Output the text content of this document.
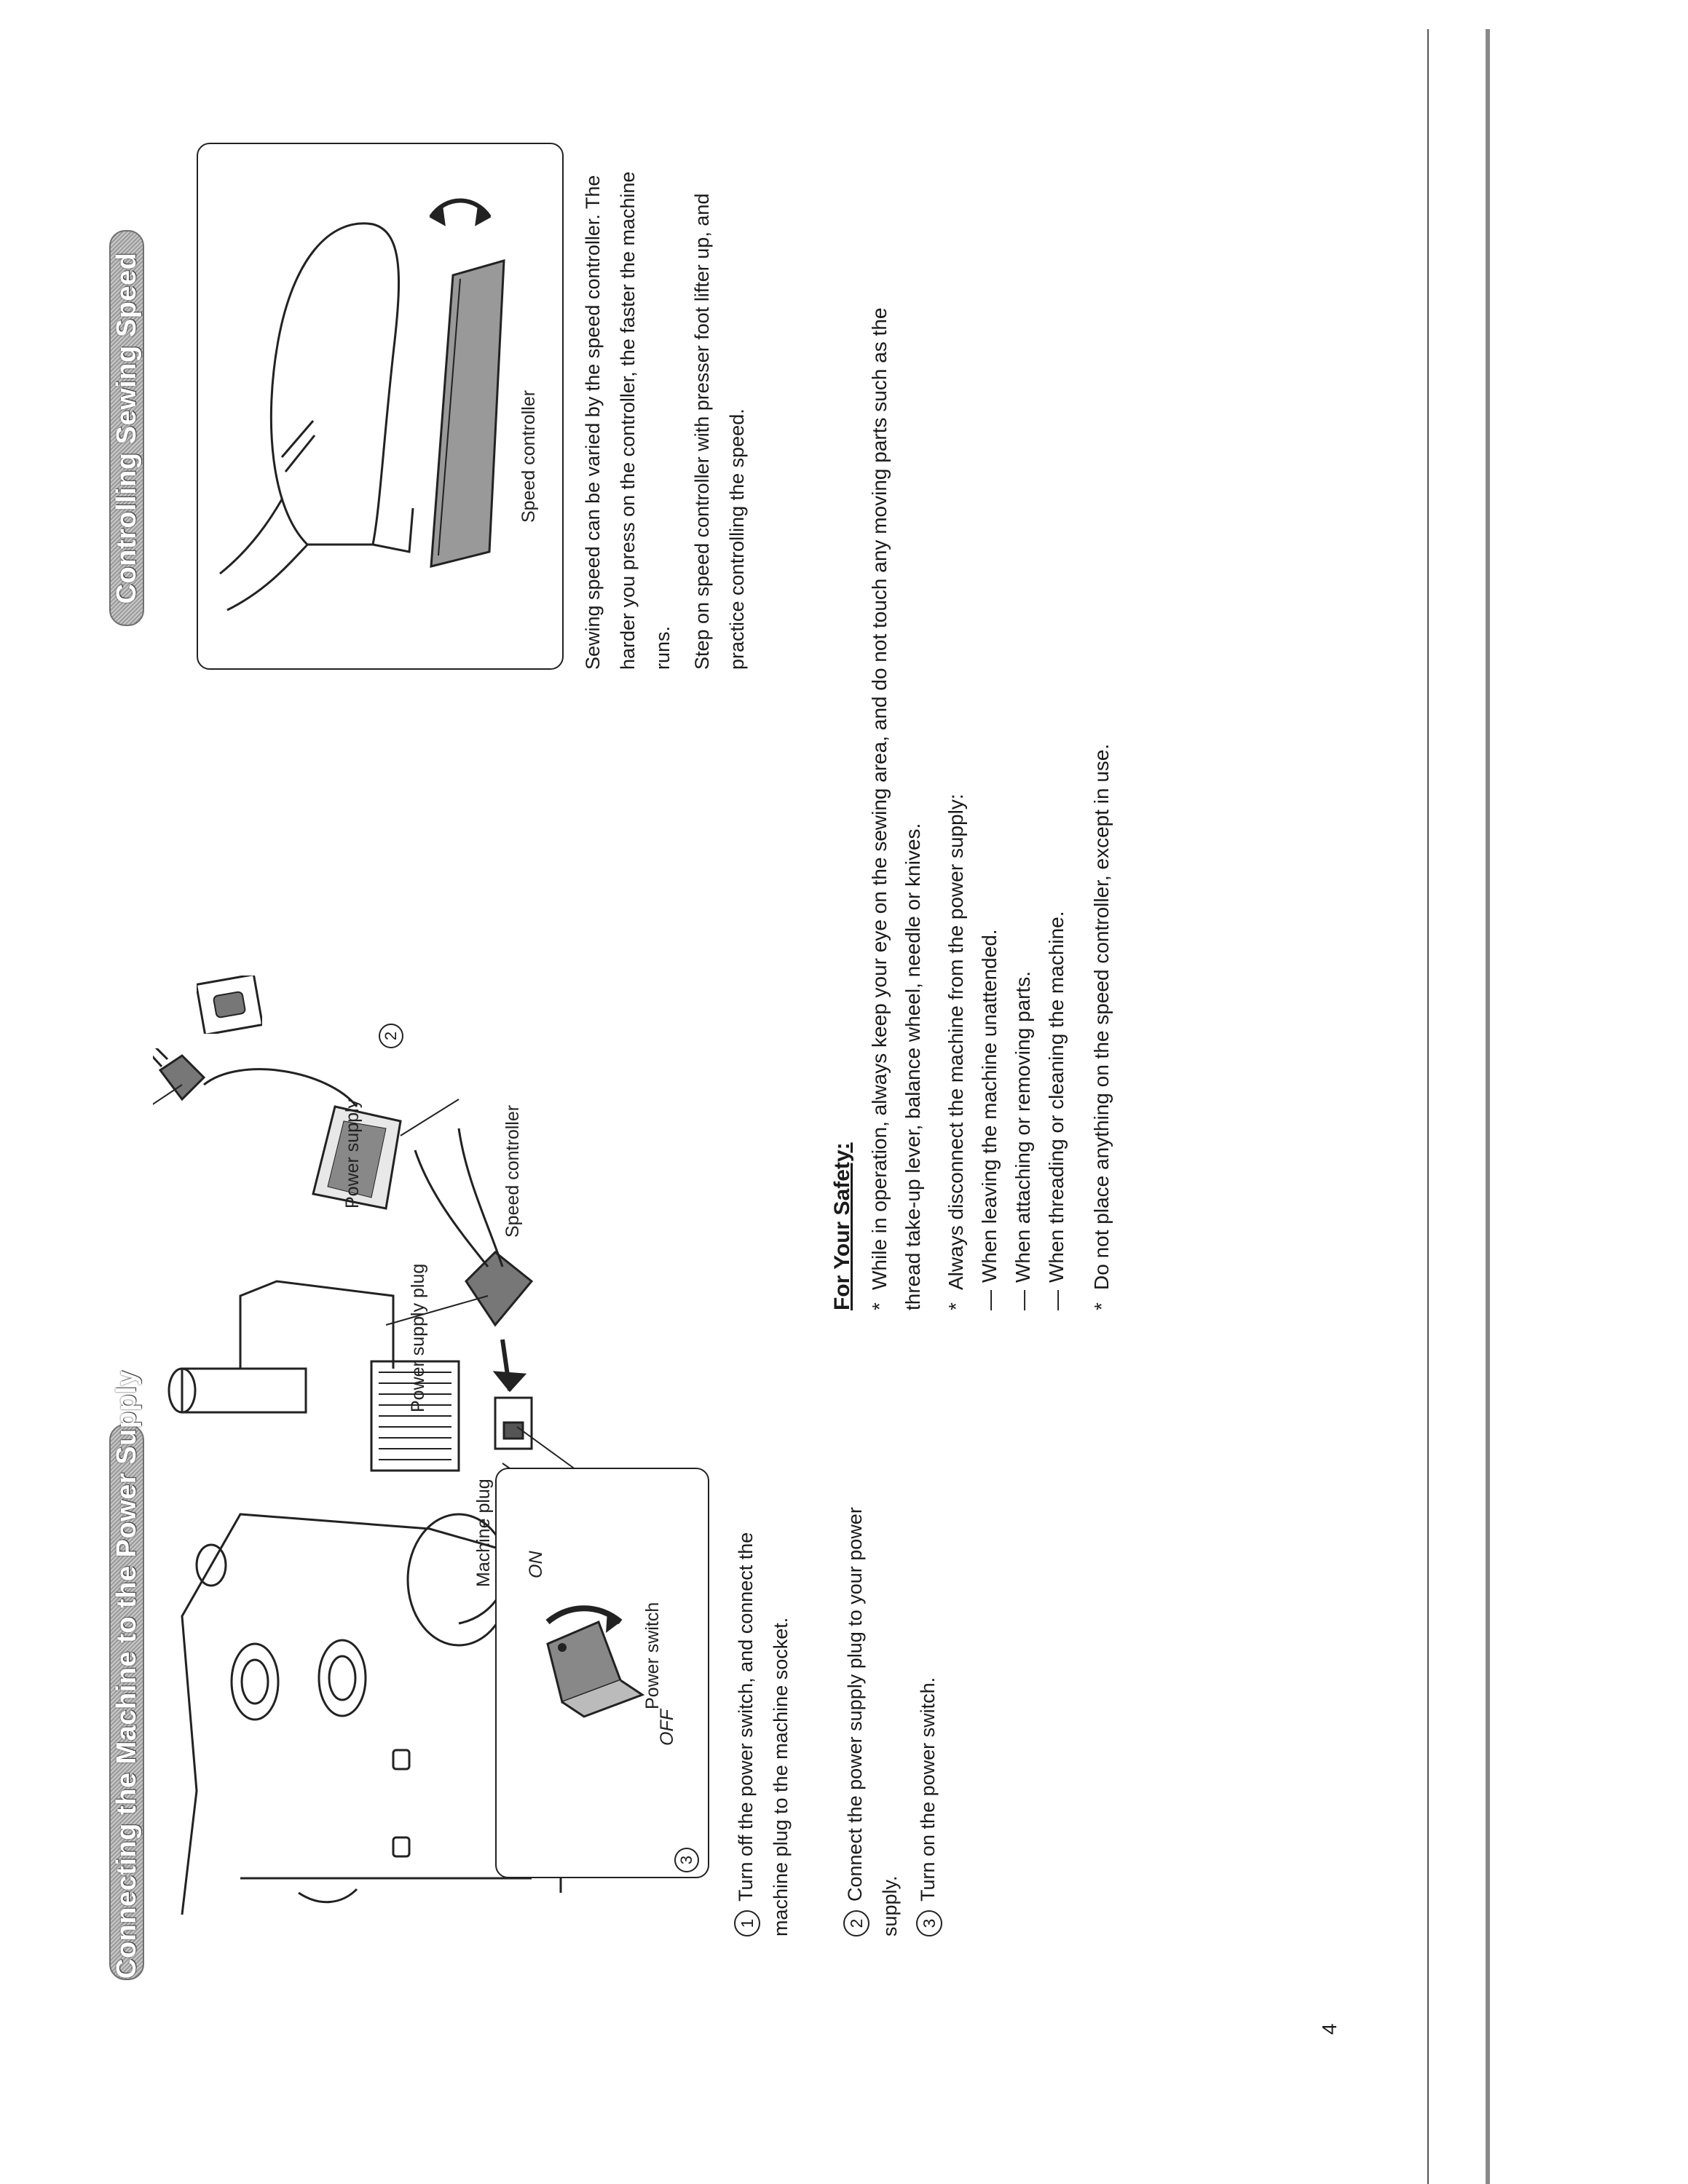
Connecting the Machine to the Power Supply
Controlling Sewing Speed
Machine plug
Power supply plug
Power supply	Speed controller
2
3
OFF
ON
Power switch
1Turn off the power switch, and connect the machine plug to the machine socket.	2Connect the power supply plug to your power supply.	3Turn on the power switch.
Speed controller	Sewing speed can be varied by the speed controller. The harder you press on the controller, the faster the machine runs. Step on speed controller with presser foot lifter up, and practice controlling the speed.
For Your Safety: *While in operation, always keep your eye on the sewing area, and do not touch any moving parts such as the thread take-up lever, balance wheel, needle or knives. *Always disconnect the machine from the power supply:
—When leaving the machine unattended.
—When attaching or removing parts.
—When threading or cleaning the machine.
*Do not place anything on the speed controller, except in use.
4
